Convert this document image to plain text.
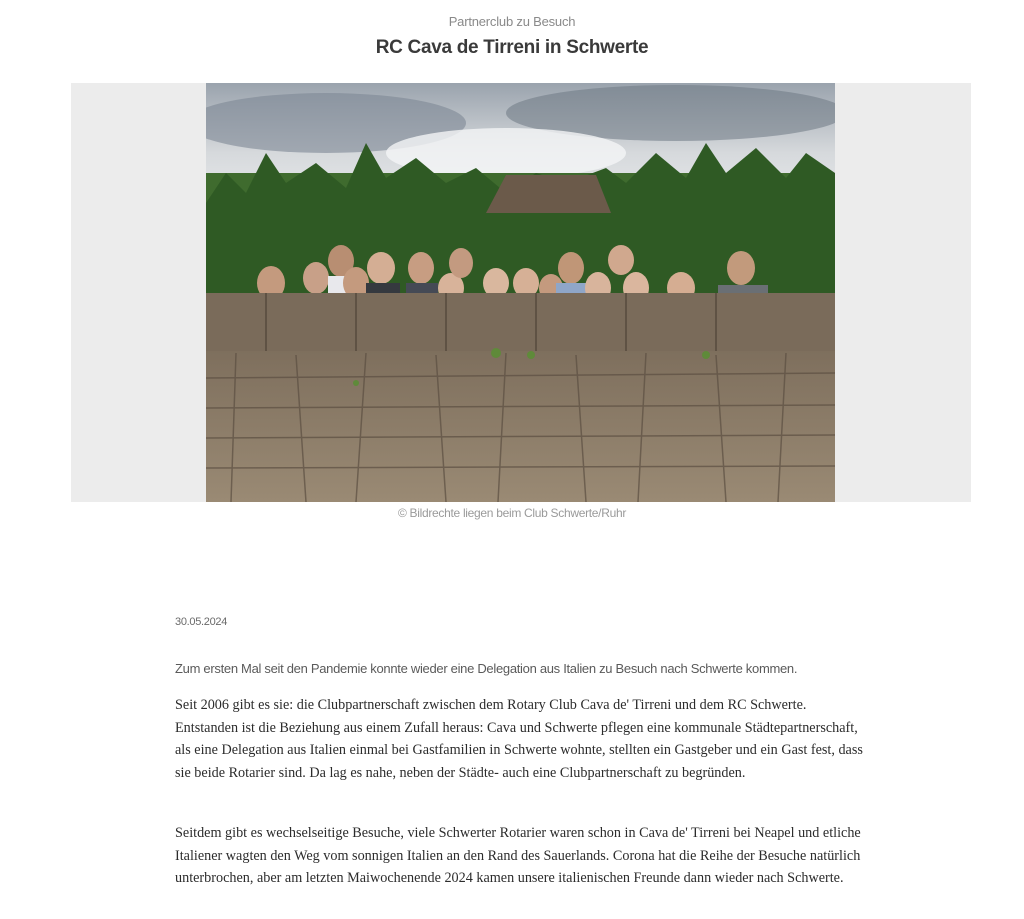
Partnerclub zu Besuch
RC Cava de Tirreni in Schwerte
© Bildrechte liegen beim Club Schwerte/Ruhr
30.05.2024
Zum ersten Mal seit den Pandemie konnte wieder eine Delegation aus Italien zu Besuch nach Schwerte kommen.

Seit 2006 gibt es sie: die Clubpartnerschaft zwischen dem Rotary Club Cava de' Tirreni und dem RC Schwerte. Entstanden ist die Beziehung aus einem Zufall heraus: Cava und Schwerte pflegen eine kommunale Städtepartnerschaft, als eine Delegation aus Italien einmal bei Gastfamilien in Schwerte wohnte, stellten ein Gastgeber und ein Gast fest, dass sie beide Rotarier sind. Da lag es nahe, neben der Städte- auch eine Clubpartnerschaft zu begründen.

Seitdem gibt es wechselseitige Besuche, viele Schwerter Rotarier waren schon in Cava de' Tirreni bei Neapel und etliche Italiener wagten den Weg vom sonnigen Italien an den Rand des Sauerlands. Corona hat die Reihe der Besuche natürlich unterbrochen, aber am letzten Maiwochenende 2024 kamen unsere italienischen Freunde dann wieder nach Schwerte.
